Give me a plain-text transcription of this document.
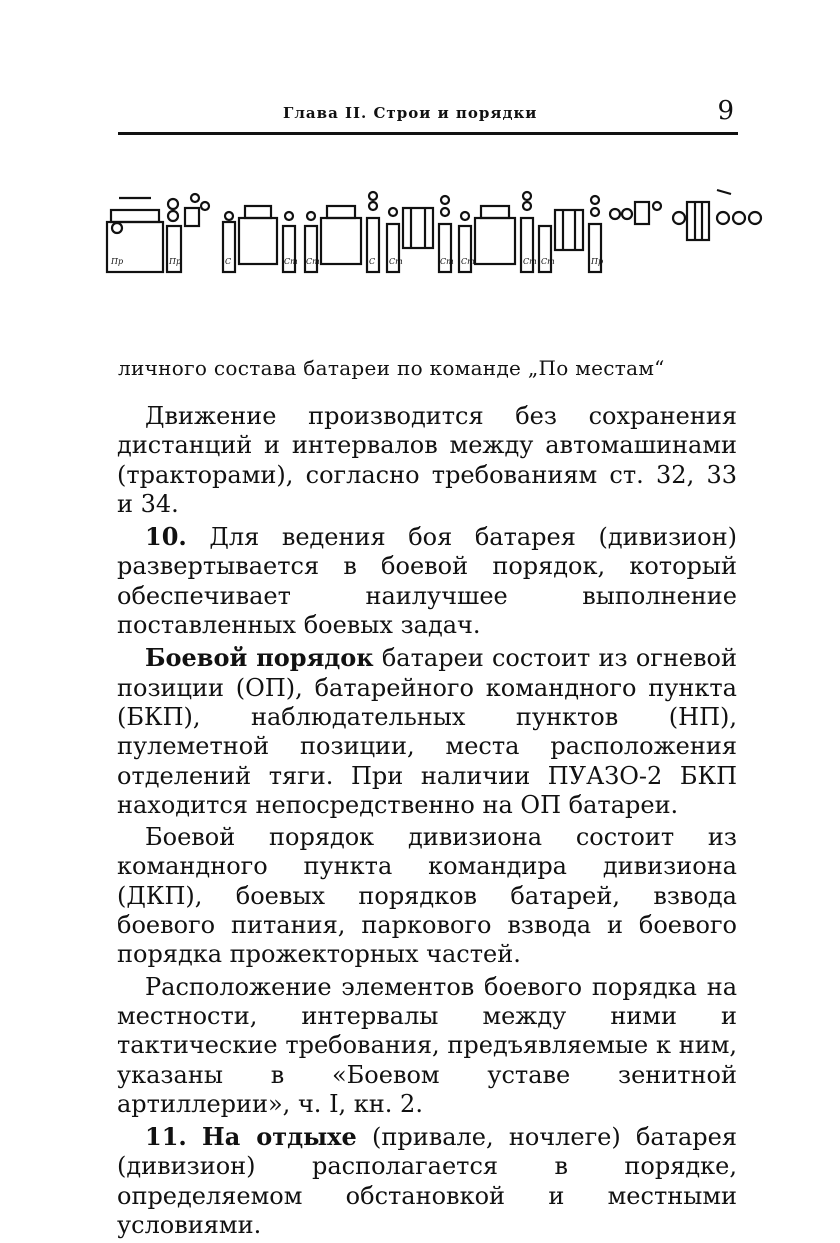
Глава II. Строи и порядки	9
Пр	Пр	С	Ст Ст	С Ст	Ст Ст	Ст Ст	Пр
личного состава батареи по команде „По местам“

Движение производится без сохранения дистанций и интервалов между автомашинами (тракторами), согласно требованиям ст. 32, 33 и 34.

10. Для ведения боя батарея (дивизион) развертывается в боевой порядок, который обеспечивает наилучшее выполнение поставленных боевых задач.

Боевой порядок батареи состоит из огневой позиции (ОП), батарейного командного пункта (БКП), наблюдательных пунктов (НП), пулеметной позиции, места расположения отделений тяги. При наличии ПУАЗО-2 БКП находится непосредственно на ОП батареи.

Боевой порядок дивизиона состоит из командного пункта командира дивизиона (ДКП), боевых порядков батарей, взвода боевого питания, паркового взвода и боевого порядка прожекторных частей.

Расположение элементов боевого порядка на местности, интервалы между ними и тактические требования, предъявляемые к ним, указаны в «Боевом уставе зенитной артиллерии», ч. I, кн. 2.

11. На отдыхе (привале, ночлеге) батарея (дивизион) располагается в порядке, определяемом обстановкой и местными условиями.
